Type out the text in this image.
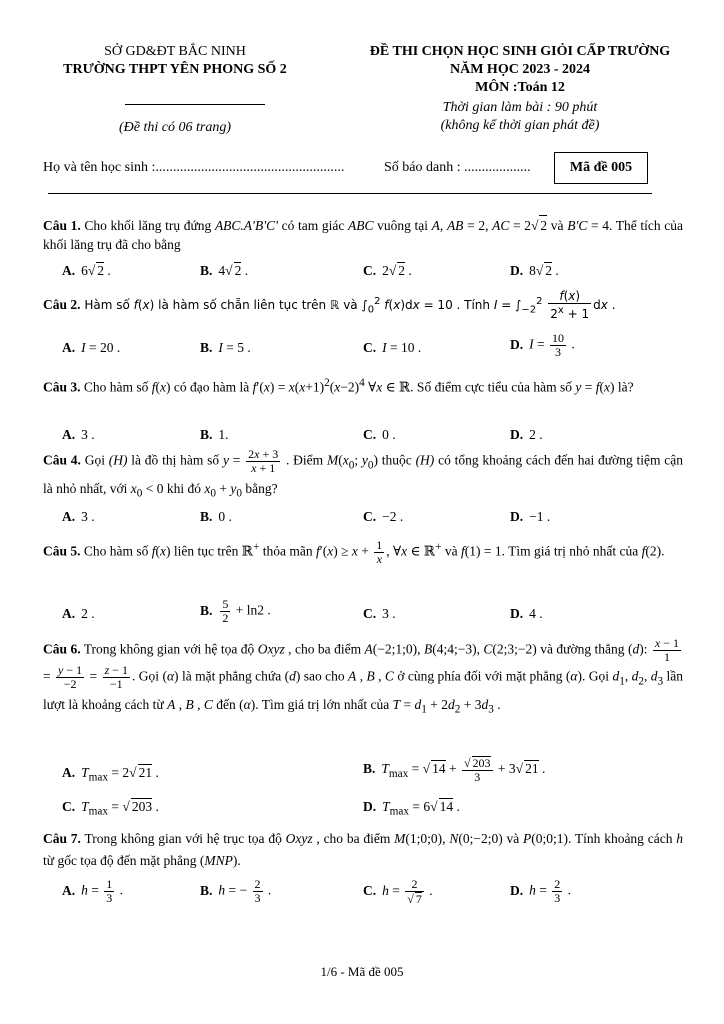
SỞ GD&ĐT BẮC NINH
TRƯỜNG THPT YÊN PHONG SỐ 2
(Đề thi có 06 trang)
ĐỀ THI CHỌN HỌC SINH GIỎI CẤP TRƯỜNG
NĂM HỌC 2023 - 2024
MÔN :Toán 12
Thời gian làm bài : 90 phút
(không kể thời gian phát đề)
Họ và tên học sinh :......................................................	Số báo danh : ...................	Mã đề 005
Câu 1. Cho khối lăng trụ đứng ABC.A'B'C' có tam giác ABC vuông tại A, AB = 2, AC = 2√ 2 và B'C = 4. Thể tích của khối lăng trụ đã cho bằng
A. 6√ 2 .	B. 4√ 2 .	C. 2√ 2 .	D. 8√ 2 .
Câu 2. Hàm số f(x) là hàm số chẵn liên tục trên ℝ và $\int_0^2$ f(x)dx = 10 . Tính $I = \int_{-2}^2 \frac{f(x)}{2^x + 1}$ dx .
A. I = 20 .	B. I = 5 .	C. I = 10 .	D. $I = \frac{10}{3}$ .
Câu 3. Cho hàm số f(x) có đạo hàm là $f'(x) = x(x+1)^2(x-2)^4$ ∀x ∈ ℝ. Số điểm cực tiểu của hàm số y = f(x) là?
A. 3 .	B. 1.	C. 0 .	D. 2 .
Câu 4. Gọi (H) là đồ thị hàm số $y = \frac{2x + 3}{x + 1}$ . Điểm $M(x_0$; $y_0$) thuộc (H) có tổng khoảng cách đến hai đường tiệm cận là nhỏ nhất, với $x_0 < 0$ khi đó $x_0 + y_0$ bằng?
A. 3 .	B. 0 .	C. −2 .	D. −1 .
Câu 5. Cho hàm số f(x) liên tục trên ℝ+ thỏa mãn $f'(x) \ge x + \frac{1}{x}$ , ∀x ∈ ℝ+ và f(1) = 1. Tìm giá trị nhỏ nhất của f(2).
A. 2 .	B. $\frac{5}{2} + \ln 2$ .	C. 3 .	D. 4 .
Câu 6. Trong không gian với hệ tọa độ Oxyz , cho ba điểm A(−2;1;0), B(4;4;−3), C(2;3;−2) và đường thẳng (d): $\frac{x - 1}{1}$
= $\frac{y - 1}{-2} = \frac{z - 1}{-1}$ . Gọi (α) là mặt phẳng chứa (d) sao cho A , B , C ở cùng phía đối với mặt phẳng (α). Gọi $d_1$, $d_2$, $d_3$ lần lượt là khoảng cách từ A , B , C đến (α). Tìm giá trị lớn nhất của $T = d_1 + 2d_2 + 3d_3$ .
A. $T_{max} = 2√$ 21 .	B. $T_{max}$ = √ 14 +
√ $\frac{203}{3} + 3√$ 21 .
C. $T_{max}$ = √ 203 .	D. $T_{max} = 6√$ 14 .
Câu 7. Trong không gian với hệ trục tọa độ Oxyz , cho ba điểm M(1;0;0), N(0;−2;0) và P(0;0;1). Tính khoảng cách h từ gốc tọa độ đến mặt phẳng (MNP).
A. $h = \frac{1}{3}$ .	B. h = − $\frac{2}{3}$ .	C. h = 2
√ 7 .	D. $h = \frac{2}{3}$ .
1/6 - Mã đề 005
